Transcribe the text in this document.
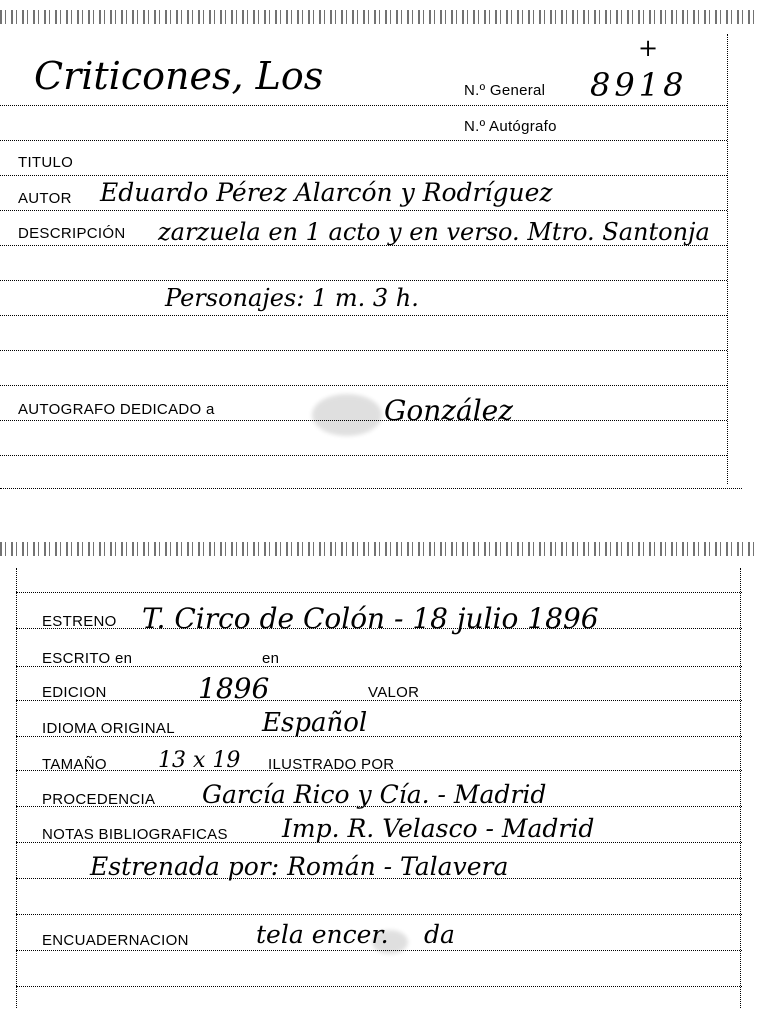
Criticones, Los	N.º General 8918
+
N.º Autógrafo
TITULO
AUTOR Eduardo Pérez Alarcón y Rodríguez
DESCRIPCIÓN zarzuela en 1 acto y en verso. Mtro. Santonja
Personajes: 1 m. 3 h.
AUTOGRAFO DEDICADO a	González
ESTRENO T. Circo de Colón - 18 julio 1896
ESCRITO en	en
EDICION	1896	VALOR
IDIOMA ORIGINAL	Español
TAMAÑO 13 x 19 ILUSTRADO POR
PROCEDENCIA García Rico y Cía. - Madrid
NOTAS BIBLIOGRAFICAS Imp. R. Velasco - Madrid
Estrenada por: Román - Talavera
ENCUADERNACION	tela encer. da
